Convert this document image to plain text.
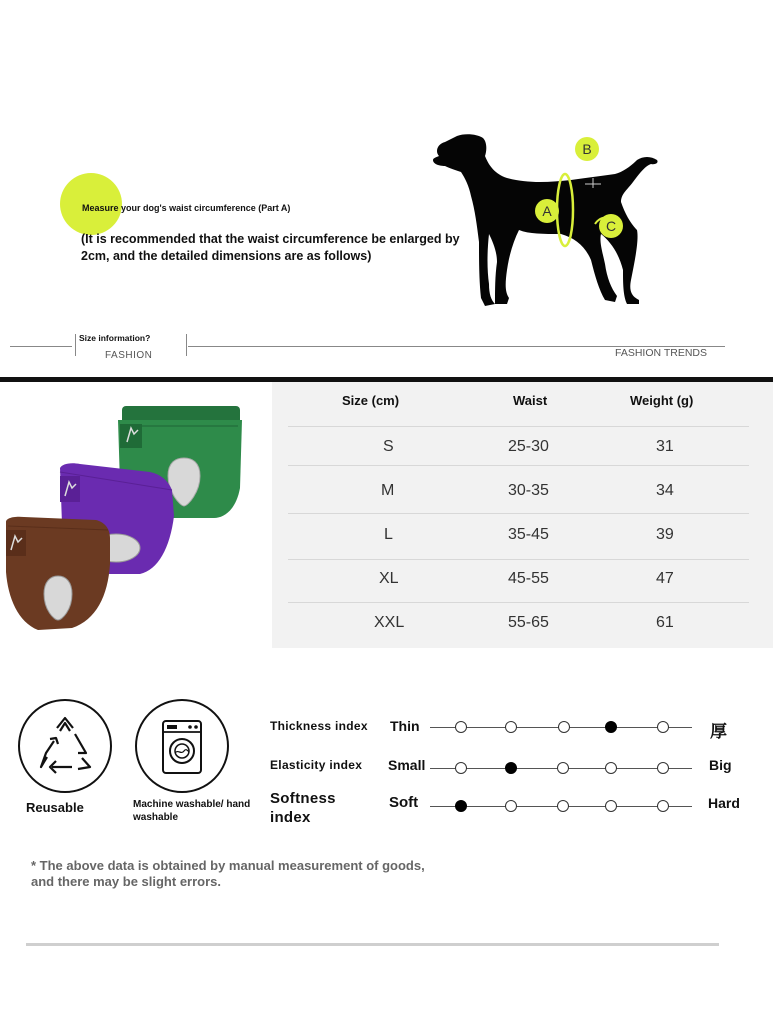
Measure your dog's waist circumference (Part A)
(It is recommended that the waist circumference be enlarged by 2cm, and the detailed dimensions are as follows)
A
B
C
Size information?
FASHION	FASHION TRENDS
Size (cm)	Waist	Weight (g)
S	25-30	31
M	30-35	34
L	35-45	39
XL	45-55	47
XXL	55-65	61
Reusable	Machine washable/ hand washable
Thickness index Thin	厚
Elasticity index Small	Big
Softness index
Soft	Hard
* The above data is obtained by manual measurement of goods, and there may be slight errors.
